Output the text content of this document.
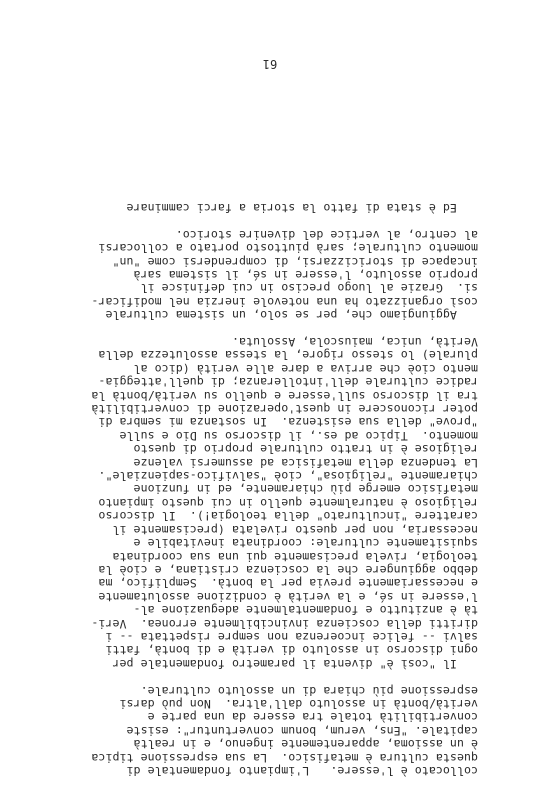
collocato è l'essere.   L'impianto fondamentale di
questa cultura è metafisico.  La sua espressione tipica
è un assioma, apparentemente ingenuo, e in realtà
capitale. "Ens, verum, bonum convertuntur": esiste
convertibilità totale tra essere da una parte e
verità/bontà in assoluto dall'altra.  Non può darsi
espressione più chiara di un assoluto culturale.
Il "così è" diventa il parametro fondamentale per
ogni discorso in assoluto di verità e di bontà, fatti
salvi -- felice incoerenza non sempre rispettata -- i
diritti della coscienza invincibilmente erronea.  Veri-
tà è anzitutto e fondamentalmente adeguazione al-
l'essere in sé, e la verità è condizione assolutamente
e necessariamente previa per la bontà.  Semplifico, ma
debbo aggiungere che la coscienza cristiana, e cioè la
teologia, rivela precisamente qui una sua coordinata
squisitamente culturale: coordinata inevitabile e
necessaria, non per questo rivelata (precisamente il
carattere "inculturato" della teologia!).  Il discorso
religioso è naturalmente quello in cui questo impianto
metafisico emerge più chiaramente, ed in funzione
chiaramente "religiosa", cioè "salvifico-sapienziale".
La tendenza della metafisica ad assumersi valenze
religiose è in tratto culturale proprio di questo
momento.  Tipico ad es., il discorso su Dio e sulle
"prove" della sua esistenza.  In sostanza mi sembra di
poter riconoscere in quest'operazione di convertibilità
tra il discorso sull'essere e quello su verità/bontà la
radice culturale dell'intolleranza; di quell'atteggia-
mento cioè che arriva a dare alle verità (dico al
plurale) lo stesso rigore, la stessa assolutezza della
Verità, unica, maiuscola, Assoluta.
Aggiungiamo che, per se solo, un sistema culturale
così organizzato ha una notevole inerzia nel modificar-
si.  Grazie al luogo preciso in cui definisce il
proprio assoluto, l'essere in sé, il sistema sarà
incapace di storicizzarsi, di comprendersi come "un"
momento culturale; sarà piuttosto portato a collocarsi
al centro, al vertice del divenire storico.
Ed è stata di fatto la storia a farci camminare
61
